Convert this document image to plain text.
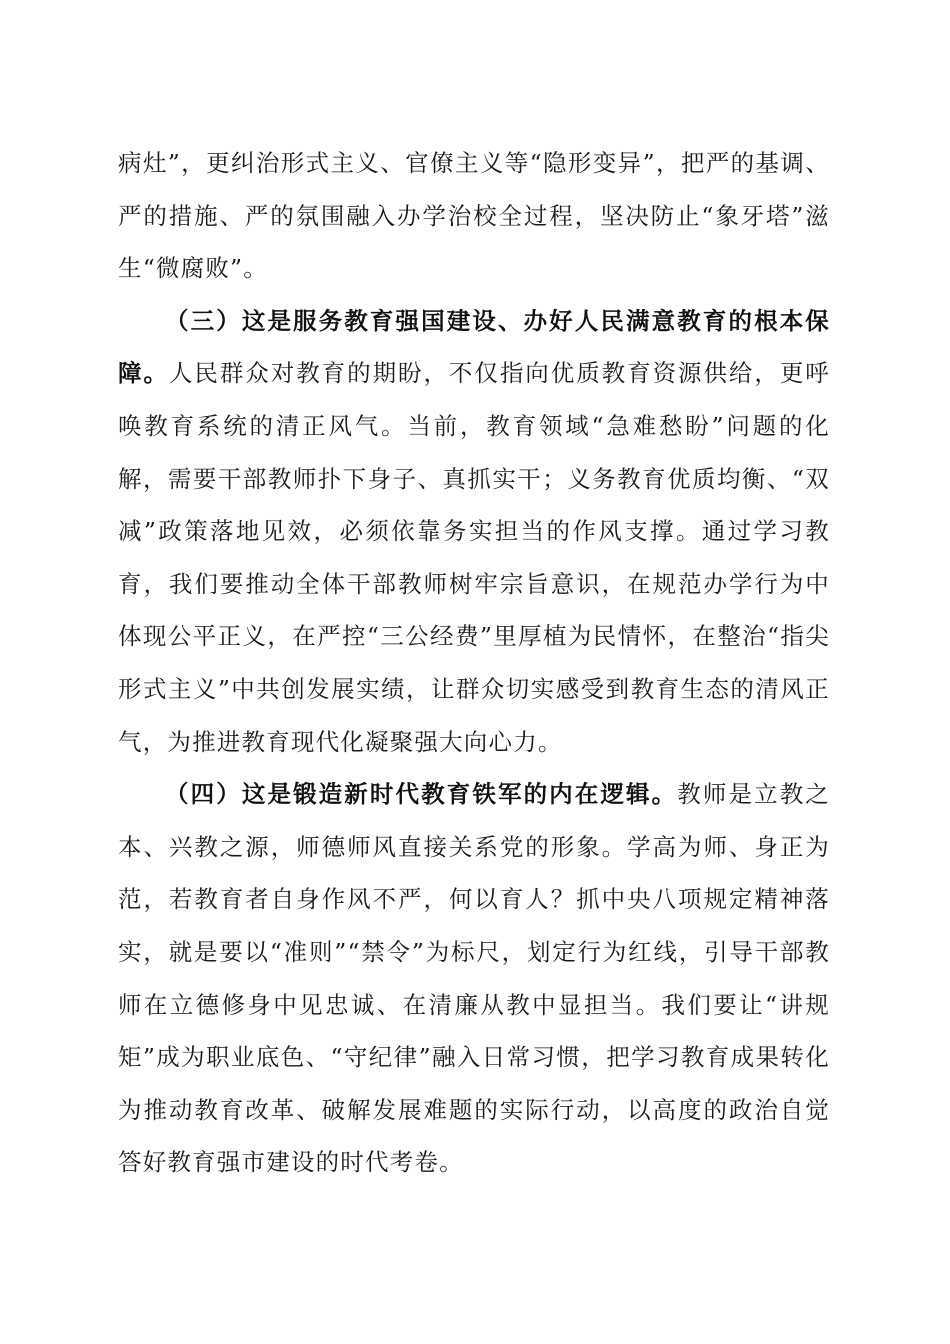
病灶”，更纠治形式主义、官僚主义等“隐形变异”，把严的基调、严的措施、严的氛围融入办学治校全过程，坚决防止“象牙塔”滋生“微腐败”。

（三）这是服务教育强国建设、办好人民满意教育的根本保障。人民群众对教育的期盼，不仅指向优质教育资源供给，更呼唤教育系统的清正风气。当前，教育领域“急难愁盼”问题的化解，需要干部教师扑下身子、真抓实干；义务教育优质均衡、“双减”政策落地见效，必须依靠务实担当的作风支撑。通过学习教育，我们要推动全体干部教师树牢宗旨意识，在规范办学行为中体现公平正义，在严控“三公经费”里厚植为民情怀，在整治“指尖形式主义”中共创发展实绩，让群众切实感受到教育生态的清风正气，为推进教育现代化凝聚强大向心力。

（四）这是锻造新时代教育铁军的内在逻辑。教师是立教之本、兴教之源，师德师风直接关系党的形象。学高为师、身正为范，若教育者自身作风不严，何以育人？抓中央八项规定精神落实，就是要以“准则”“禁令”为标尺，划定行为红线，引导干部教师在立德修身中见忠诚、在清廉从教中显担当。我们要让“讲规矩”成为职业底色、“守纪律”融入日常习惯，把学习教育成果转化为推动教育改革、破解发展难题的实际行动，以高度的政治自觉答好教育强市建设的时代考卷。
